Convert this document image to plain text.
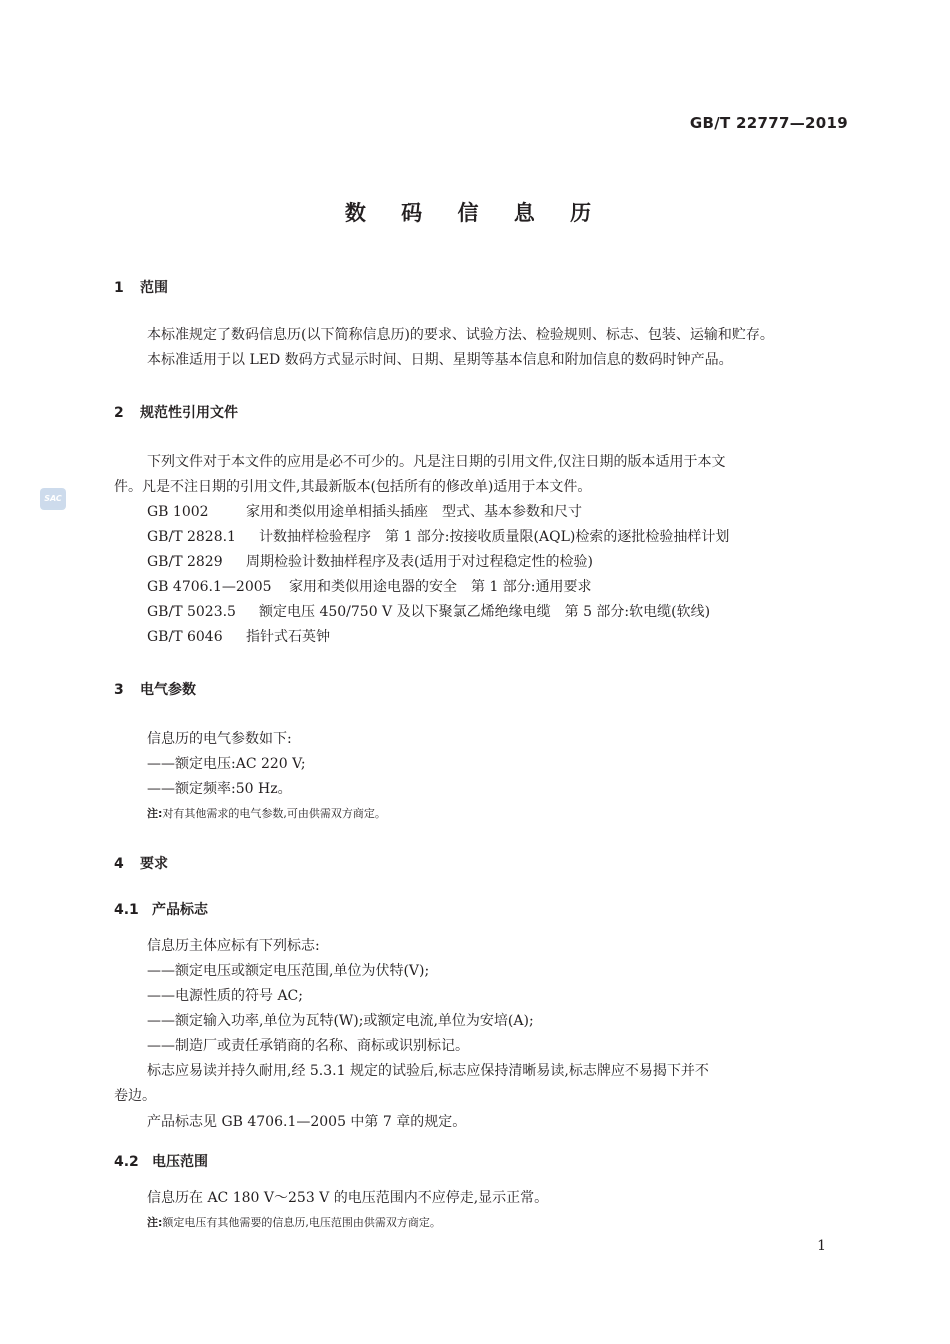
GB/T 22777—2019
数 码 信 息 历
SAC
1 范围
本标准规定了数码信息历(以下简称信息历)的要求、试验方法、检验规则、标志、包装、运输和贮存。
本标准适用于以 LED 数码方式显示时间、日期、星期等基本信息和附加信息的数码时钟产品。
2 规范性引用文件
下列文件对于本文件的应用是必不可少的。凡是注日期的引用文件,仅注日期的版本适用于本文
件。凡是不注日期的引用文件,其最新版本(包括所有的修改单)适用于本文件。
GB 1002	家用和类似用途单相插头插座　型式、基本参数和尺寸
GB/T 2828.1 计数抽样检验程序　第 1 部分:按接收质量限(AQL)检索的逐批检验抽样计划
GB/T 2829 周期检验计数抽样程序及表(适用于对过程稳定性的检验)
GB 4706.1—2005 家用和类似用途电器的安全　第 1 部分:通用要求
GB/T 5023.5 额定电压 450/750 V 及以下聚氯乙烯绝缘电缆　第 5 部分:软电缆(软线)
GB/T 6046 指针式石英钟
3 电气参数
信息历的电气参数如下:
——额定电压:AC 220 V;
——额定频率:50 Hz。
注:对有其他需求的电气参数,可由供需双方商定。
4 要求
4.1 产品标志
信息历主体应标有下列标志:
——额定电压或额定电压范围,单位为伏特(V);
——电源性质的符号 AC;
——额定输入功率,单位为瓦特(W);或额定电流,单位为安培(A);
——制造厂或责任承销商的名称、商标或识别标记。
标志应易读并持久耐用,经 5.3.1 规定的试验后,标志应保持清晰易读,标志牌应不易揭下并不
卷边。
产品标志见 GB 4706.1—2005 中第 7 章的规定。
4.2 电压范围
信息历在 AC 180 V～253 V 的电压范围内不应停走,显示正常。
注:额定电压有其他需要的信息历,电压范围由供需双方商定。
1
